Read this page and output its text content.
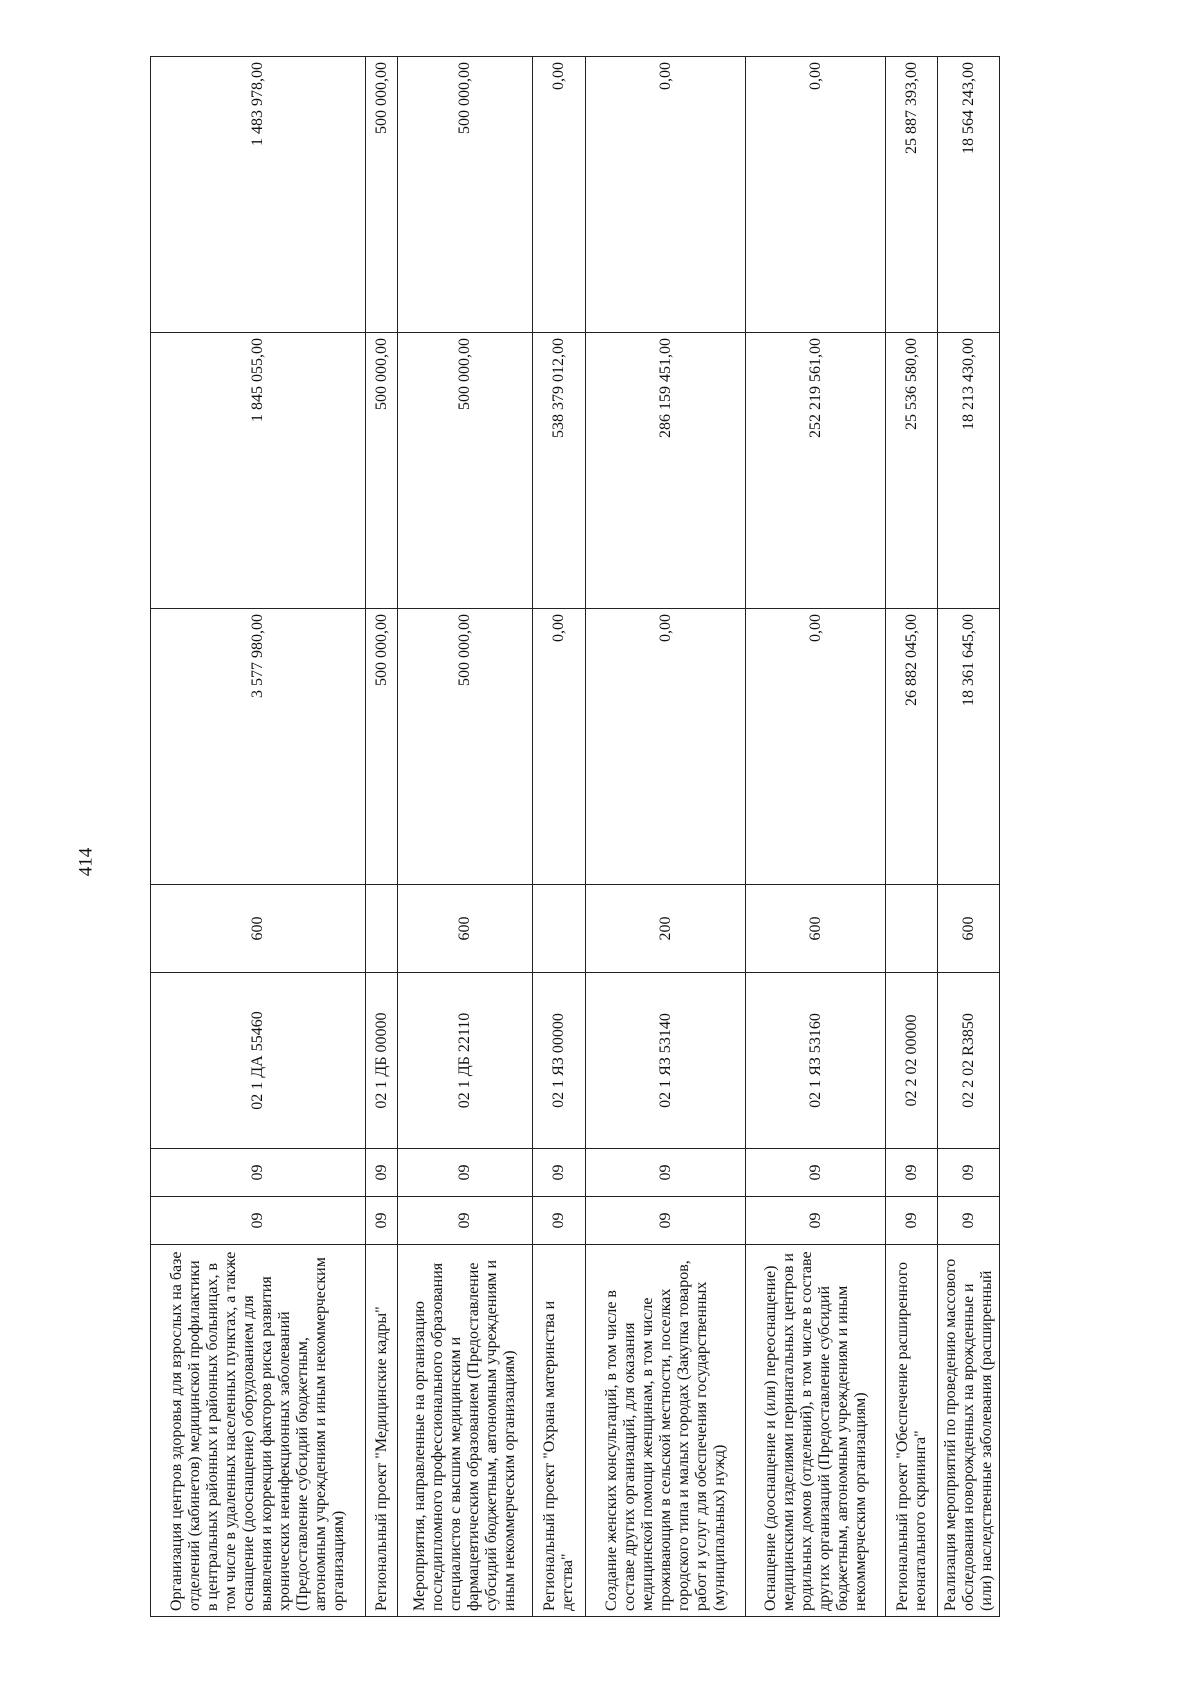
414
Организация центров здоровья для взрослых на базе отделений (кабинетов) медицинской профилактики в центральных районных и районных больницах, в том числе в удаленных населенных пунктах, а также оснащение (дооснащение) оборудованием для выявления и коррекции факторов риска развития хронических неинфекционных заболеваний (Предоставление субсидий бюджетным, автономным учреждениям и иным некоммерческим организациям)	09	09	02 1 ДА 55460	600	3 577 980,00	1 845 055,00	1 483 978,00
Региональный проект "Медицинские кадры"	09	09	02 1 ДБ 00000		500 000,00	500 000,00	500 000,00
Мероприятия, направленные на организацию последипломного профессионального образования специалистов с высшим медицинским и фармацевтическим образованием (Предоставление субсидий бюджетным, автономным учреждениям и иным некоммерческим организациям)	09	09	02 1 ДБ 22110	600	500 000,00	500 000,00	500 000,00
Региональный проект "Охрана материнства и детства"	09	09	02 1 ЯЗ 00000		0,00	538 379 012,00	0,00
Создание женских консультаций, в том числе в составе других организаций, для оказания медицинской помощи женщинам, в том числе проживающим в сельской местности, поселках городского типа и малых городах (Закупка товаров, работ и услуг для обеспечения государственных (муниципальных) нужд)	09	09	02 1 ЯЗ 53140	200	0,00	286 159 451,00	0,00
Оснащение (дооснащение и (или) переоснащение) медицинскими изделиями перинатальных центров и родильных домов (отделений), в том числе в составе других организаций (Предоставление субсидий бюджетным, автономным учреждениям и иным некоммерческим организациям)	09	09	02 1 ЯЗ 53160	600	0,00	252 219 561,00	0,00
Региональный проект "Обеспечение расширенного неонатального скрининга"	09	09	02 2 02 00000		26 882 045,00	25 536 580,00	25 887 393,00
Реализация мероприятий по проведению массового обследования новорожденных на врожденные и (или) наследственные заболевания (расширенный	09	09	02 2 02 R3850	600	18 361 645,00	18 213 430,00	18 564 243,00
